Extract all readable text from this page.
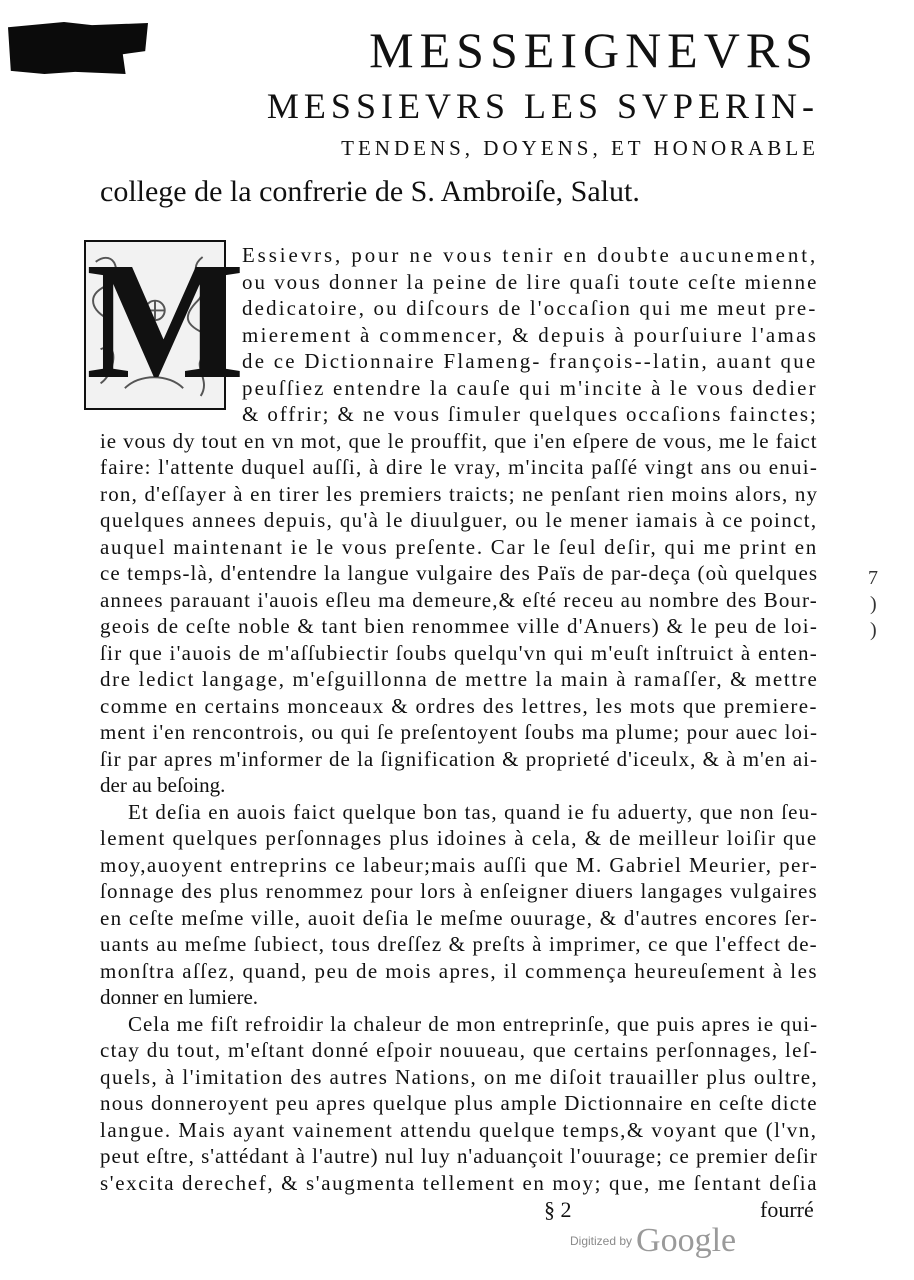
MESSEIGNEVRS
MESSIEVRS LES SVPERIN-
TENDENS, DOYENS, ET HONORABLE
college de la confrerie de S. Ambroiſe, Salut.
M
Essievrs, pour ne vous tenir en doubte aucunement,
ou vous donner la peine de lire quaſi toute ceſte mienne
dedicatoire, ou diſcours de l'occaſion qui me meut pre-
mierement à commencer, & depuis à pourſuiure l'amas
de ce Dictionnaire Flameng- françois--latin, auant que
peuſſiez entendre la cauſe qui m'incite à le vous dedier
& offrir; & ne vous ſimuler quelques occaſions fainctes;
ie vous dy tout en vn mot, que le prouffit, que i'en eſpere de vous, me le faict
faire: l'attente duquel auſſi, à dire le vray, m'incita paſſé vingt ans ou enui-
ron, d'eſſayer à en tirer les premiers traicts; ne penſant rien moins alors, ny
quelques annees depuis, qu'à le diuulguer, ou le mener iamais à ce poinct,
auquel maintenant ie le vous preſente. Car le ſeul deſir, qui me print en
ce temps-là, d'entendre la langue vulgaire des Païs de par-deça (où quelques
annees parauant i'auois eſleu ma demeure,& eſté receu au nombre des Bour-
geois de ceſte noble & tant bien renommee ville d'Anuers) & le peu de loi-
ſir que i'auois de m'aſſubiectir ſoubs quelqu'vn qui m'euſt inſtruict à enten-
dre ledict langage, m'eſguillonna de mettre la main à ramaſſer, & mettre
comme en certains monceaux & ordres des lettres, les mots que premiere-
ment i'en rencontrois, ou qui ſe preſentoyent ſoubs ma plume; pour auec loi-
ſir par apres m'informer de la ſignification & proprieté d'iceulx, & à m'en ai-
der au beſoing.
Et deſia en auois faict quelque bon tas, quand ie fu aduerty, que non ſeu-
lement quelques perſonnages plus idoines à cela, & de meilleur loiſir que
moy,auoyent entreprins ce labeur;mais auſſi que M. Gabriel Meurier, per-
ſonnage des plus renommez pour lors à enſeigner diuers langages vulgaires
en ceſte meſme ville, auoit deſia le meſme ouurage, & d'autres encores ſer-
uants au meſme ſubiect, tous dreſſez & preſts à imprimer, ce que l'effect de-
monſtra aſſez, quand, peu de mois apres, il commença heureuſement à les
donner en lumiere.
Cela me fiſt refroidir la chaleur de mon entreprinſe, que puis apres ie qui-
ctay du tout, m'eſtant donné eſpoir nouueau, que certains perſonnages, leſ-
quels, à l'imitation des autres Nations, on me diſoit trauailler plus oultre,
nous donneroyent peu apres quelque plus ample Dictionnaire en ceſte dicte
langue. Mais ayant vainement attendu quelque temps,& voyant que (l'vn,
peut eſtre, s'attédant à l'autre) nul luy n'aduançoit l'ouurage; ce premier deſir
s'excita derechef, & s'augmenta tellement en moy; que, me ſentant deſia
7
)
)
§ 2	fourré
Digitized by Google
